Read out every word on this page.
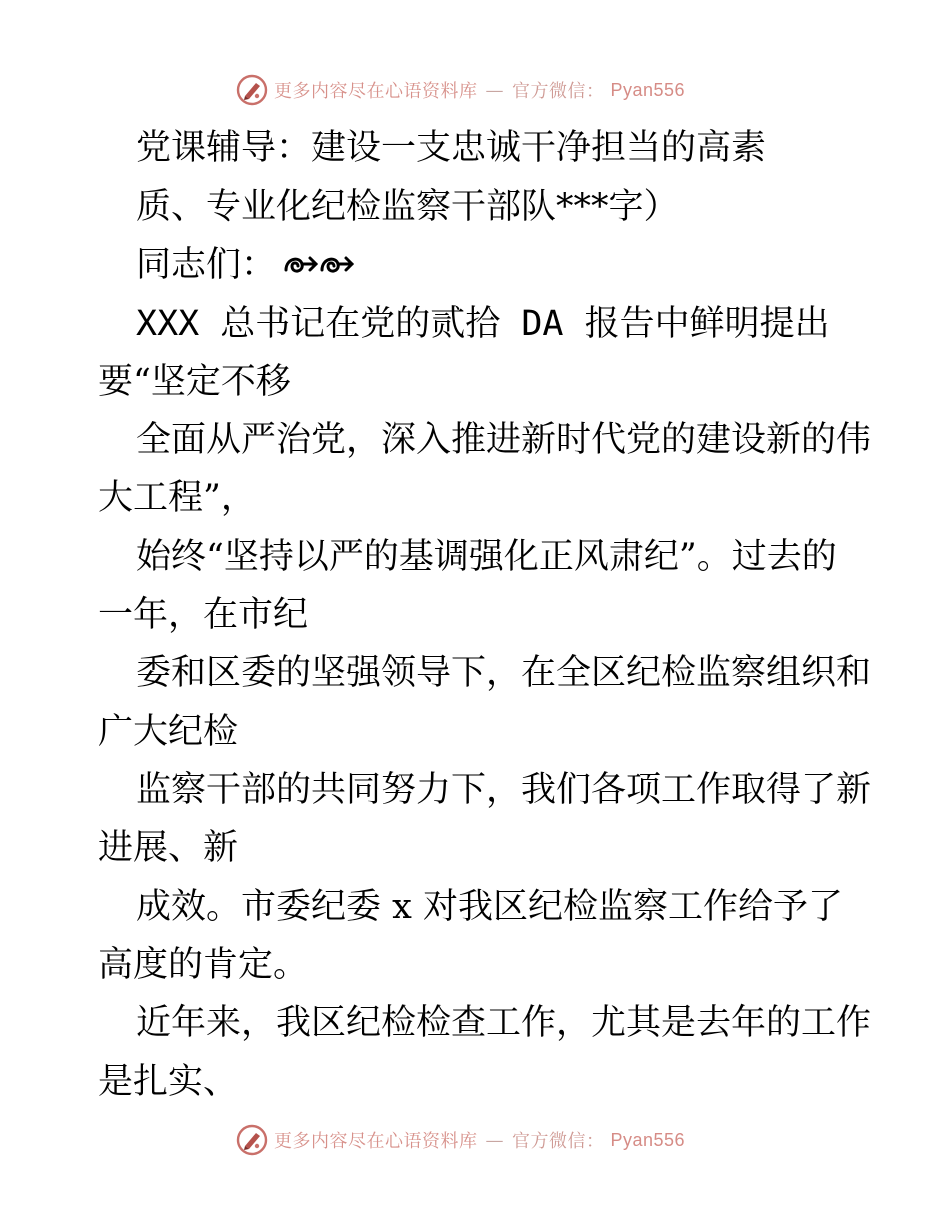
更多内容尽在心语资料库 — 官方微信： Pyan556
党课辅导：建设一支忠诚干净担当的高素
质、专业化纪检监察干部队***字）
同志们：
XXX 总书记在党的贰拾 DA 报告中鲜明提出
要“坚定不移
全面从严治党，深入推进新时代党的建设新的伟
大工程”，
始终“坚持以严的基调强化正风肃纪”。过去的
一年，在市纪
委和区委的坚强领导下，在全区纪检监察组织和
广大纪检
监察干部的共同努力下，我们各项工作取得了新
进展、新
成效。市委纪委 x 对我区纪检监察工作给予了
高度的肯定。
近年来，我区纪检检查工作，尤其是去年的工作
是扎实、
更多内容尽在心语资料库 — 官方微信： Pyan556
